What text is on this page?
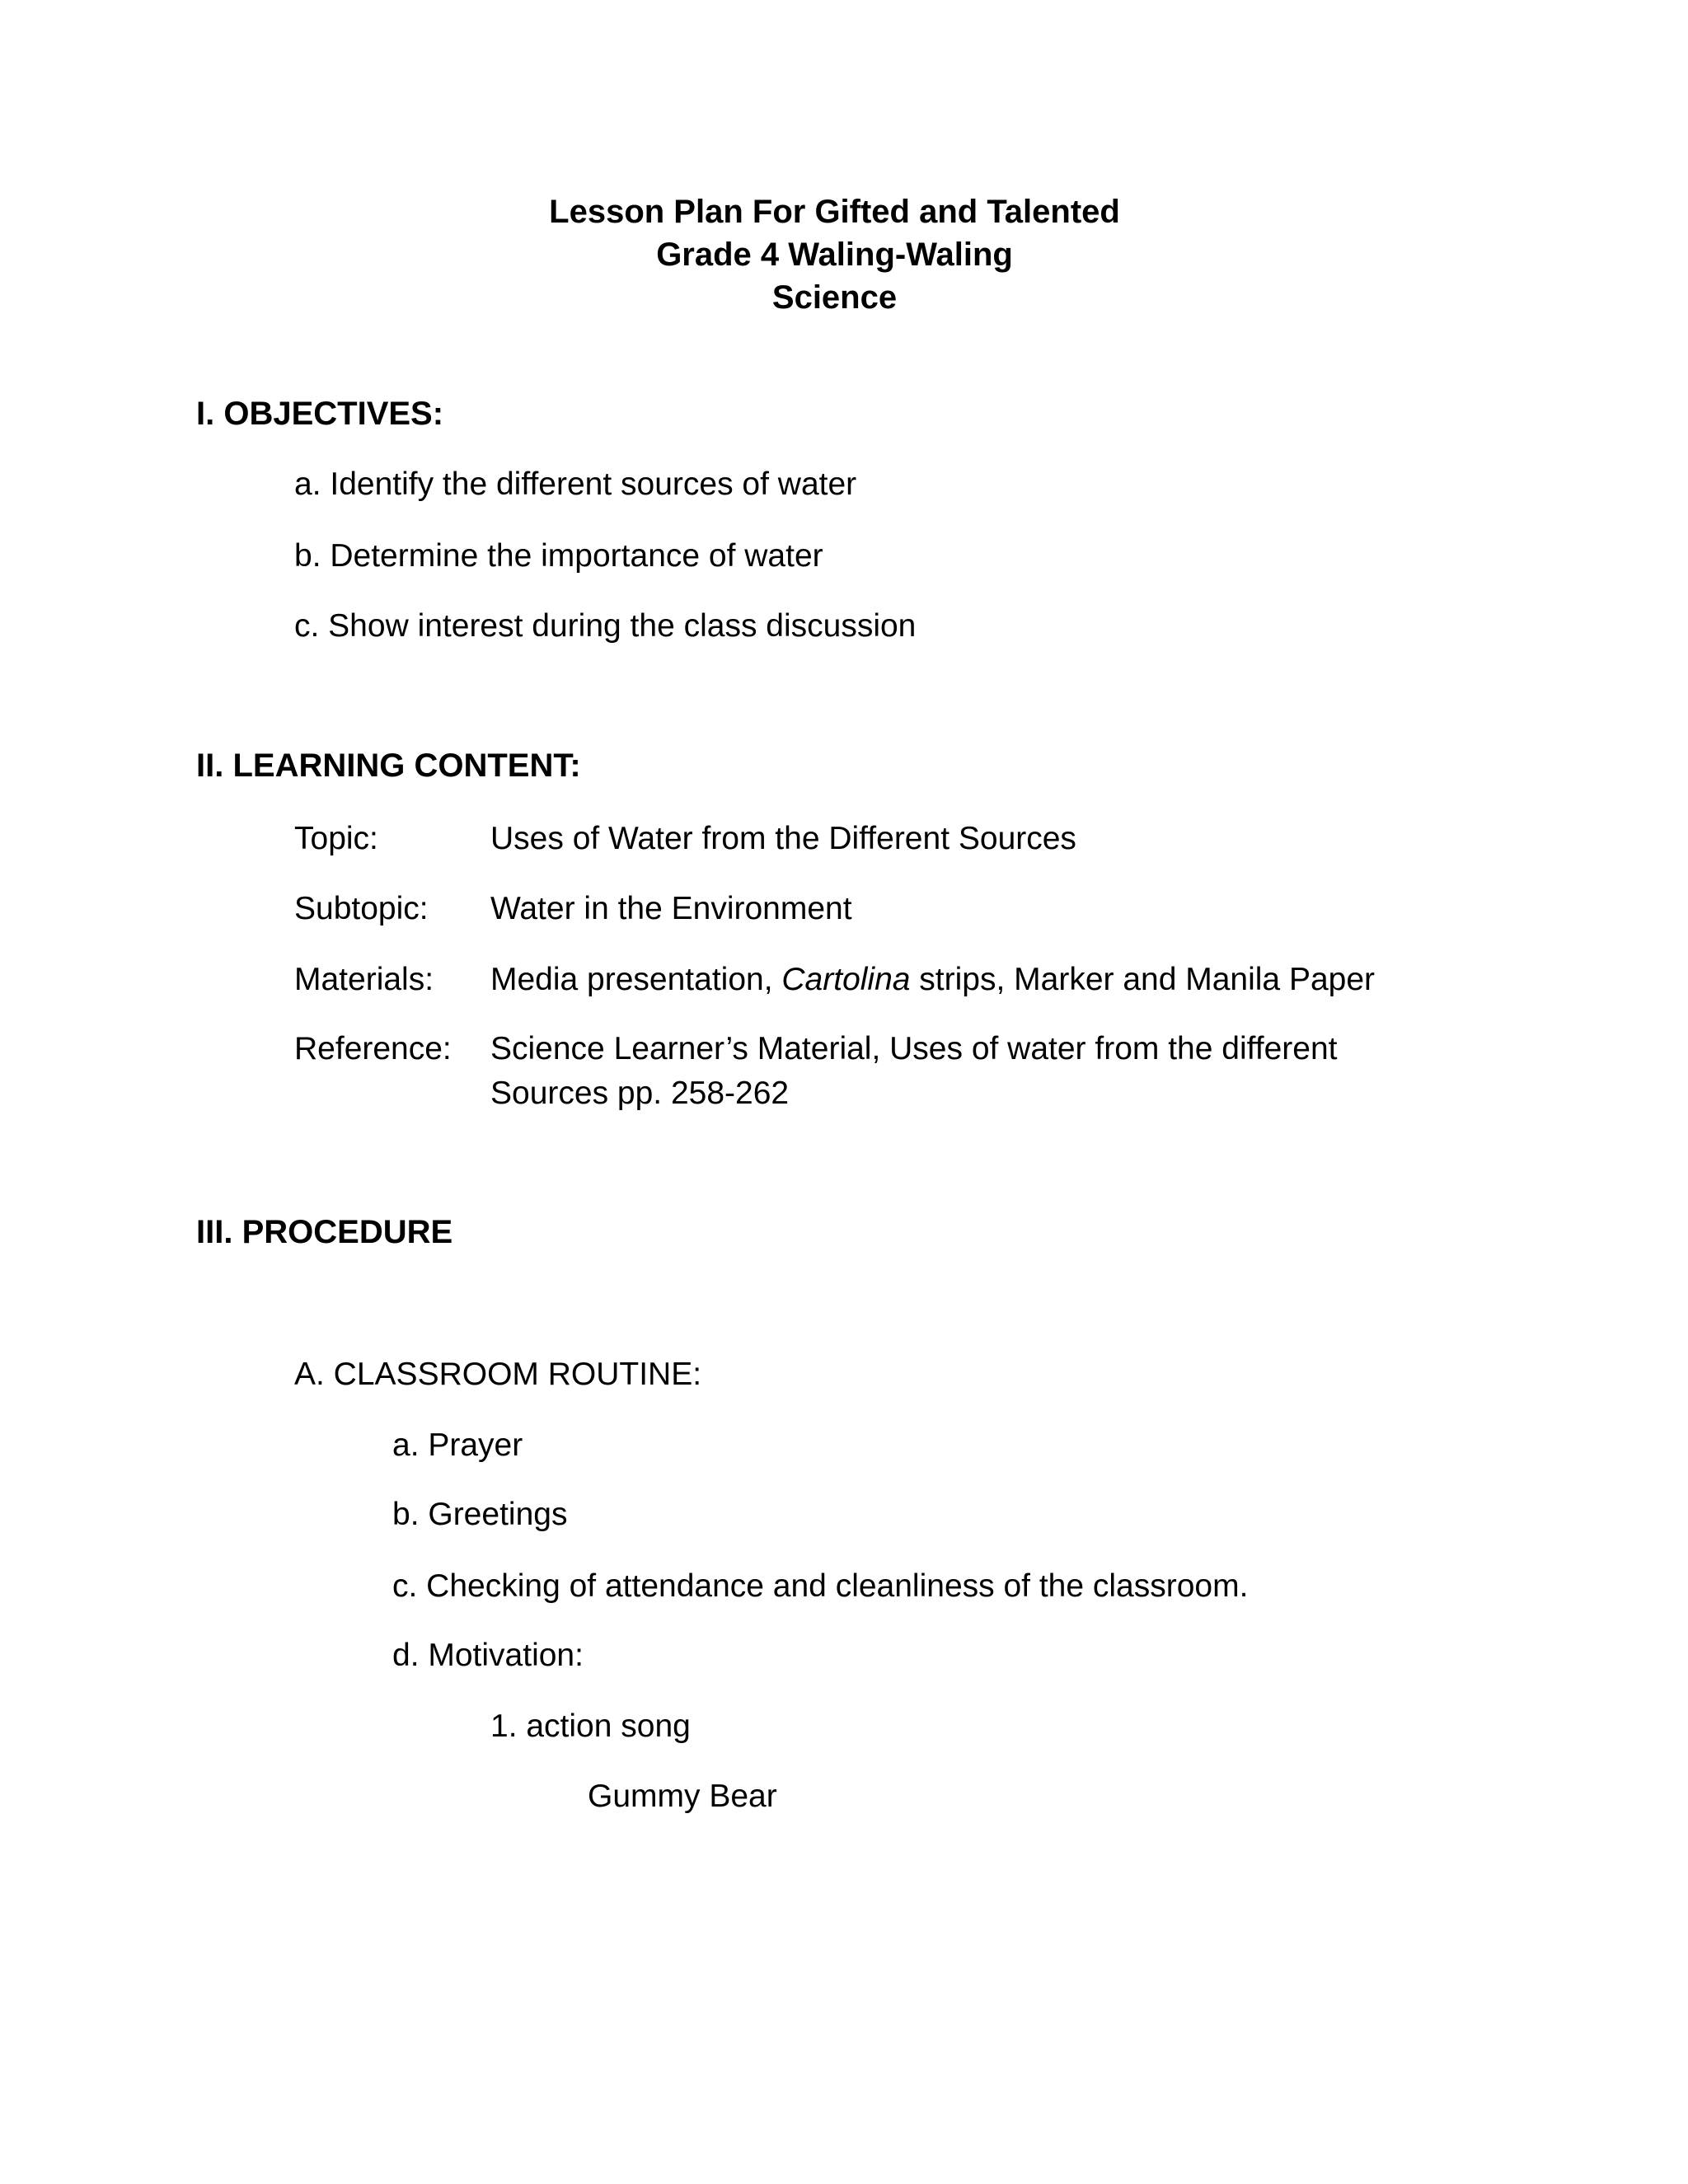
Lesson Plan For Gifted and Talented
Grade 4 Waling-Waling
Science
I. OBJECTIVES:
a. Identify the different sources of water
b. Determine the importance of water
c. Show interest during the class discussion
II. LEARNING CONTENT:
Topic:	Uses of Water from the Different Sources
Subtopic: Water in the Environment
Materials: Media presentation, Cartolina strips, Marker and Manila Paper
Reference: Science Learner’s Material, Uses of water from the different
Sources pp. 258-262
III. PROCEDURE
A. CLASSROOM ROUTINE:
a. Prayer
b. Greetings
c. Checking of attendance and cleanliness of the classroom.
d. Motivation:
1. action song
Gummy Bear
